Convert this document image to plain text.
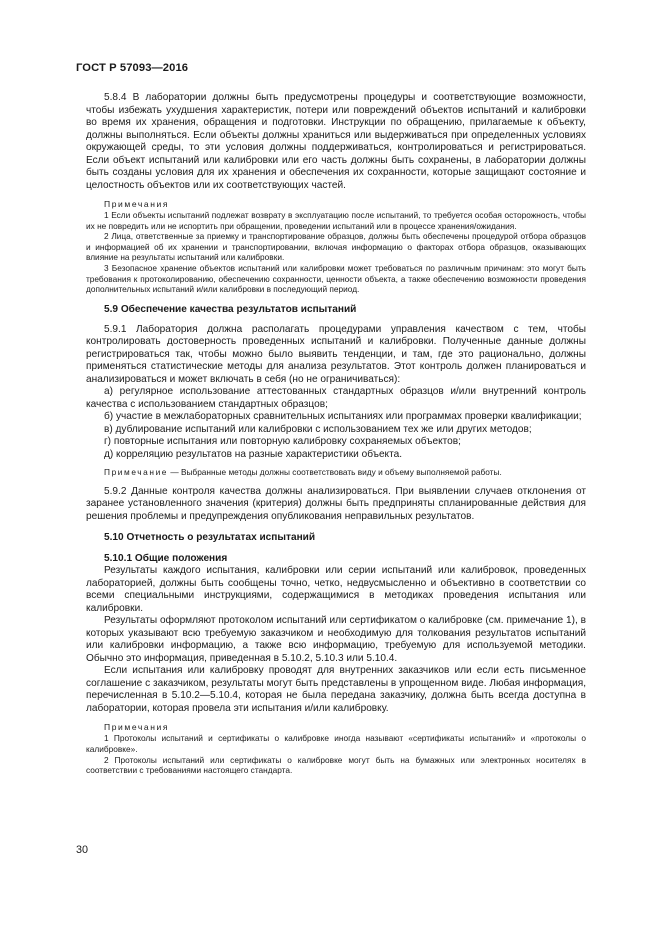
ГОСТ Р 57093—2016

5.8.4 В лаборатории должны быть предусмотрены процедуры и соответствующие возможности, чтобы избежать ухудшения характеристик, потери или повреждений объектов испытаний и калибровки во время их хранения, обращения и подготовки. Инструкции по обращению, прилагаемые к объекту, должны выполняться. Если объекты должны храниться или выдерживаться при определенных условиях окружающей среды, то эти условия должны поддерживаться, контролироваться и регистрироваться. Если объект испытаний или калибровки или его часть должны быть сохранены, в лаборатории должны быть созданы условия для их хранения и обеспечения их сохранности, которые защищают состояние и целостность объектов или их соответствующих частей.

Примечания

1 Если объекты испытаний подлежат возврату в эксплуатацию после испытаний, то требуется особая осторожность, чтобы их не повредить или не испортить при обращении, проведении испытаний или в процессе хранения/ожидания.

2 Лица, ответственные за приемку и транспортирование образцов, должны быть обеспечены процедурой отбора образцов и информацией об их хранении и транспортировании, включая информацию о факторах отбора образцов, оказывающих влияние на результаты испытаний или калибровки.

3 Безопасное хранение объектов испытаний или калибровки может требоваться по различным причинам: это могут быть требования к протоколированию, обеспечению сохранности, ценности объекта, а также обеспечению возможности проведения дополнительных испытаний и/или калибровки в последующий период.

5.9 Обеспечение качества результатов испытаний

5.9.1 Лаборатория должна располагать процедурами управления качеством с тем, чтобы контролировать достоверность проведенных испытаний и калибровки. Полученные данные должны регистрироваться так, чтобы можно было выявить тенденции, и там, где это рационально, должны применяться статистические методы для анализа результатов. Этот контроль должен планироваться и анализироваться и может включать в себя (но не ограничиваться):

а) регулярное использование аттестованных стандартных образцов и/или внутренний контроль качества с использованием стандартных образцов;

б) участие в межлабораторных сравнительных испытаниях или программах проверки квалификации;

в) дублирование испытаний или калибровки с использованием тех же или других методов;

г) повторные испытания или повторную калибровку сохраняемых объектов;

д) корреляцию результатов на разные характеристики объекта.

Примечание — Выбранные методы должны соответствовать виду и объему выполняемой работы.

5.9.2 Данные контроля качества должны анализироваться. При выявлении случаев отклонения от заранее установленного значения (критерия) должны быть предприняты спланированные действия для решения проблемы и предупреждения опубликования неправильных результатов.

5.10 Отчетность о результатах испытаний

5.10.1 Общие положения

Результаты каждого испытания, калибровки или серии испытаний или калибровок, проведенных лабораторией, должны быть сообщены точно, четко, недвусмысленно и объективно в соответствии со всеми специальными инструкциями, содержащимися в методиках проведения испытания или калибровки.

Результаты оформляют протоколом испытаний или сертификатом о калибровке (см. примечание 1), в которых указывают всю требуемую заказчиком и необходимую для толкования результатов испытаний или калибровки информацию, а также всю информацию, требуемую для используемой методики. Обычно это информация, приведенная в 5.10.2, 5.10.3 или 5.10.4.

Если испытания или калибровку проводят для внутренних заказчиков или если есть письменное соглашение с заказчиком, результаты могут быть представлены в упрощенном виде. Любая информация, перечисленная в 5.10.2—5.10.4, которая не была передана заказчику, должна быть всегда доступна в лаборатории, которая провела эти испытания и/или калибровку.

Примечания

1 Протоколы испытаний и сертификаты о калибровке иногда называют «сертификаты испытаний» и «протоколы о калибровке».

2 Протоколы испытаний или сертификаты о калибровке могут быть на бумажных или электронных носителях в соответствии с требованиями настоящего стандарта.

30
